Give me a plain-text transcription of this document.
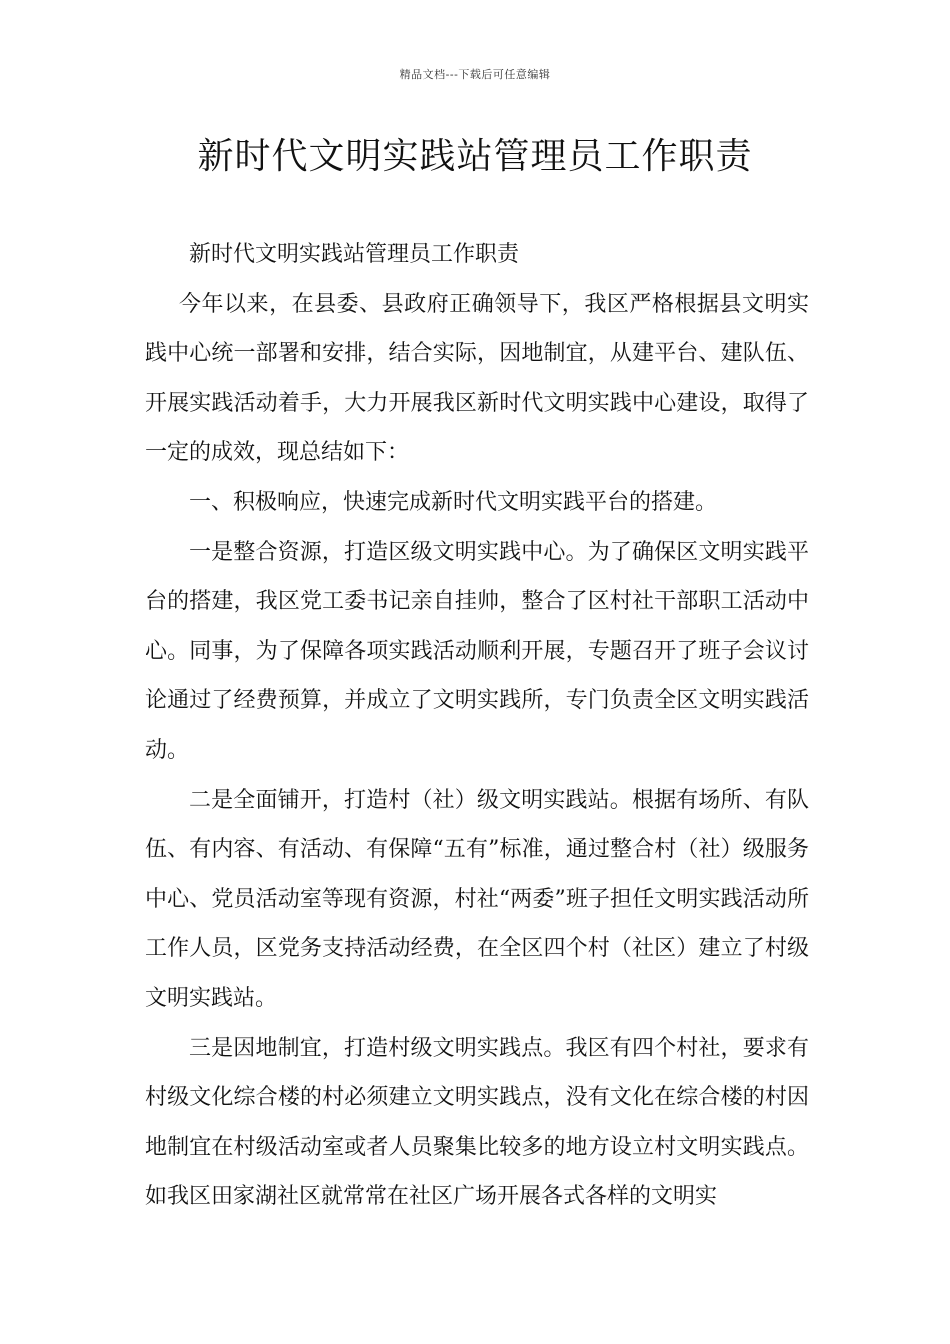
精品文档---下载后可任意编辑
新时代文明实践站管理员工作职责

新时代文明实践站管理员工作职责

今年以来，在县委、县政府正确领导下，我区严格根据县文明实践中心统一部署和安排，结合实际，因地制宜，从建平台、建队伍、开展实践活动着手，大力开展我区新时代文明实践中心建设，取得了一定的成效，现总结如下：

一、积极响应，快速完成新时代文明实践平台的搭建。

一是整合资源，打造区级文明实践中心。为了确保区文明实践平台的搭建，我区党工委书记亲自挂帅，整合了区村社干部职工活动中心。同事，为了保障各项实践活动顺利开展，专题召开了班子会议讨论通过了经费预算，并成立了文明实践所，专门负责全区文明实践活动。

二是全面铺开，打造村（社）级文明实践站。根据有场所、有队伍、有内容、有活动、有保障“五有”标准，通过整合村（社）级服务中心、党员活动室等现有资源，村社“两委”班子担任文明实践活动所工作人员，区党务支持活动经费，在全区四个村（社区）建立了村级文明实践站。

三是因地制宜，打造村级文明实践点。我区有四个村社，要求有村级文化综合楼的村必须建立文明实践点，没有文化在综合楼的村因地制宜在村级活动室或者人员聚集比较多的地方设立村文明实践点。如我区田家湖社区就常常在社区广场开展各式各样的文明实
